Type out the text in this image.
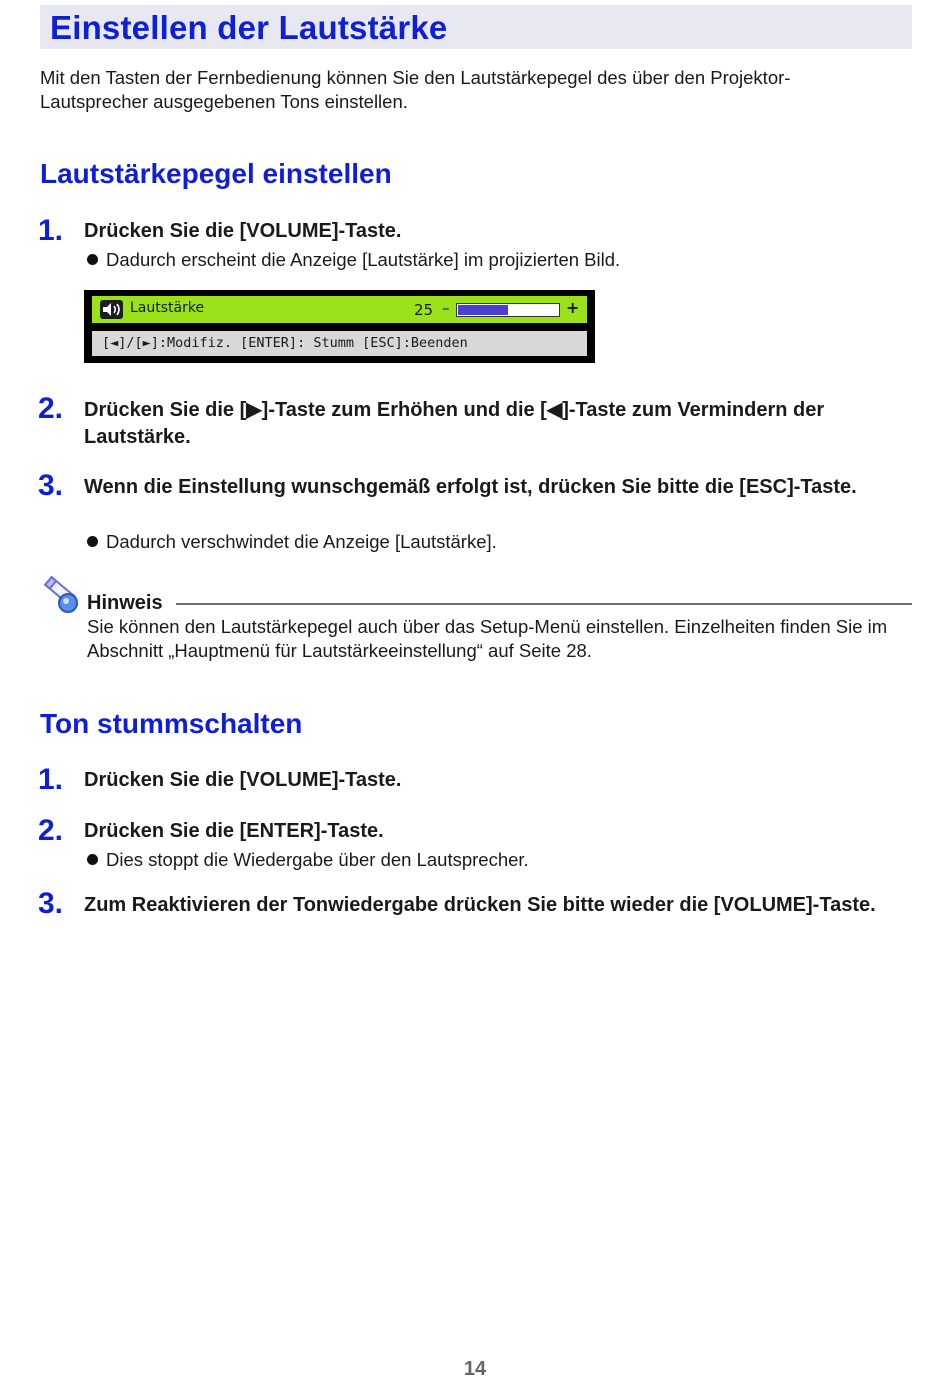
Einstellen der Lautstärke

Mit den Tasten der Fernbedienung können Sie den Lautstärkepegel des über den Projektor-Lautsprecher ausgegebenen Tons einstellen.

Lautstärkepegel einstellen
1. Drücken Sie die [VOLUME]-Taste.
Dadurch erscheint die Anzeige [Lautstärke] im projizierten Bild.
Lautstärke	25 –	+
[◄]/[►]:Modifiz. [ENTER]: Stumm [ESC]:Beenden
2. Drücken Sie die [▶]-Taste zum Erhöhen und die [◀]-Taste zum Vermindern der Lautstärke.
3. Wenn die Einstellung wunschgemäß erfolgt ist, drücken Sie bitte die [ESC]-Taste.
Dadurch verschwindet die Anzeige [Lautstärke].
Hinweis

Sie können den Lautstärkepegel auch über das Setup-Menü einstellen. Einzelheiten finden Sie im Abschnitt „Hauptmenü für Lautstärkeeinstellung“ auf Seite 28.

Ton stummschalten
1. Drücken Sie die [VOLUME]-Taste.
2. Drücken Sie die [ENTER]-Taste.
Dies stoppt die Wiedergabe über den Lautsprecher.
3. Zum Reaktivieren der Tonwiedergabe drücken Sie bitte wieder die [VOLUME]-Taste.
14
